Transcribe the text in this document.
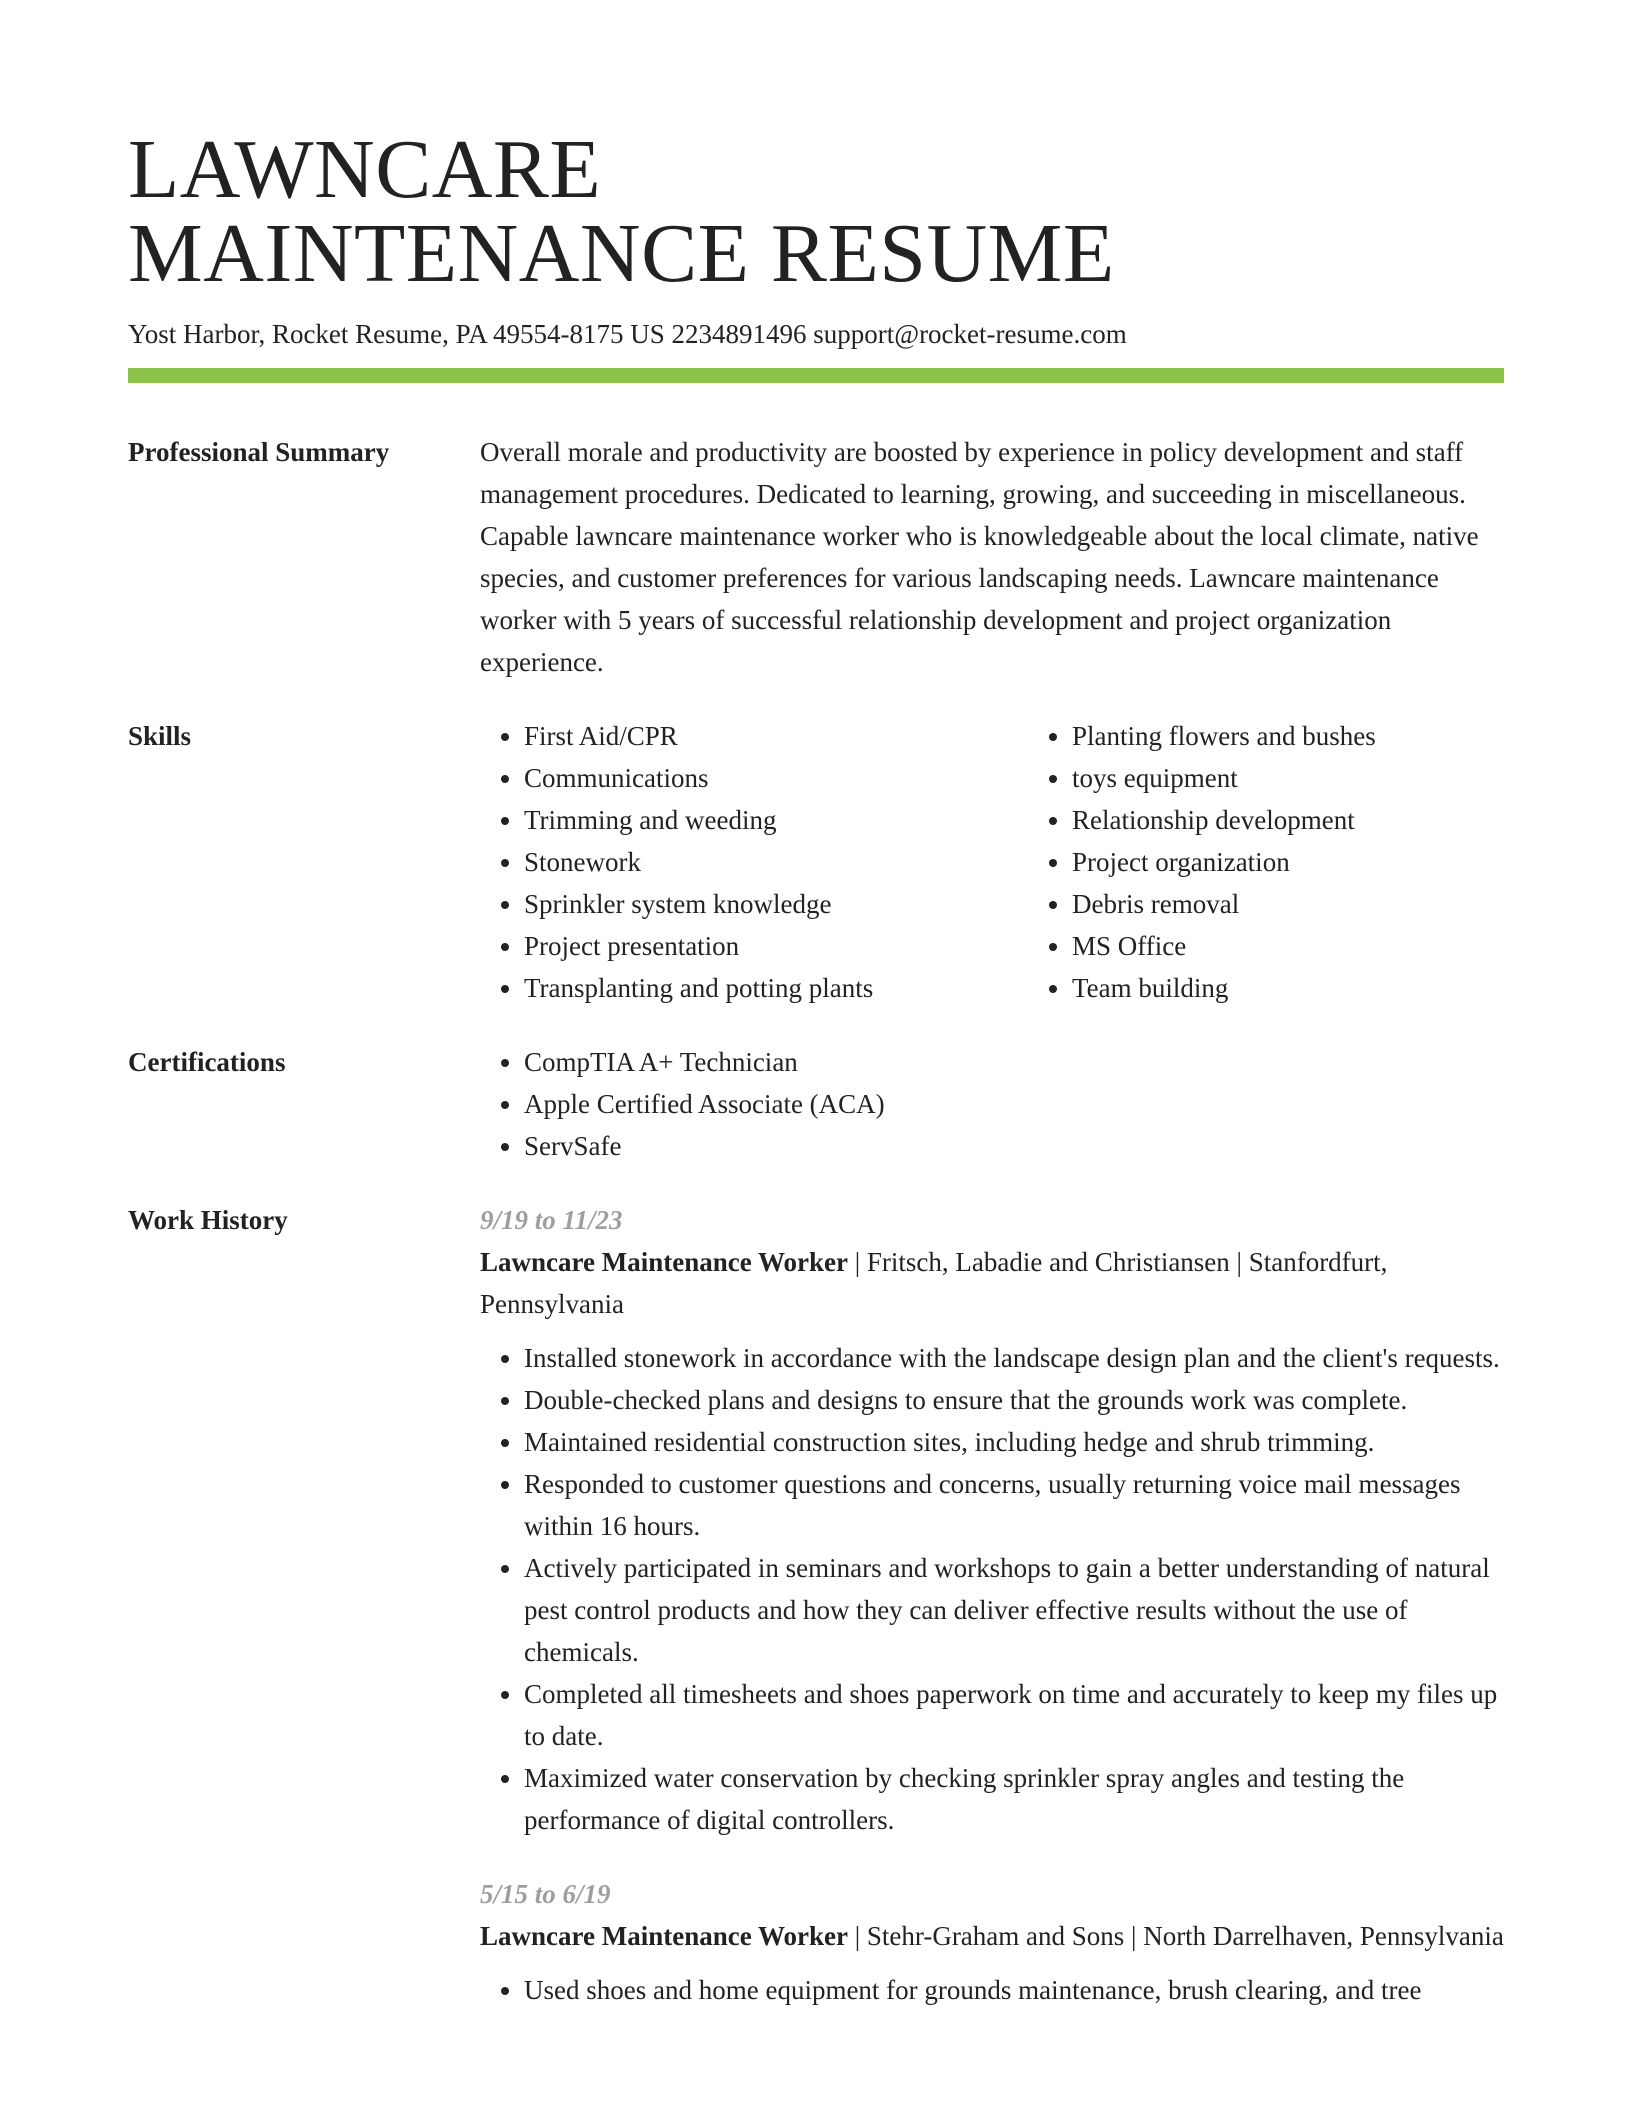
LAWNCARE
MAINTENANCE RESUME
Yost Harbor, Rocket Resume, PA 49554-8175 US 2234891496 support@rocket-resume.com
Professional Summary	Overall morale and productivity are boosted by experience in policy development and staff management procedures. Dedicated to learning, growing, and succeeding in miscellaneous. Capable lawncare maintenance worker who is knowledgeable about the local climate, native species, and customer preferences for various landscaping needs. Lawncare maintenance worker with 5 years of successful relationship development and project organization experience.

Skills	• First Aid/CPR
• Communications
• Trimming and weeding
• Stonework
• Sprinkler system knowledge
• Project presentation
• Transplanting and potting plants
• Planting flowers and bushes
• toys equipment
• Relationship development
• Project organization
• Debris removal
• MS Office
• Team building
Certifications	• CompTIA A+ Technician
• Apple Certified Associate (ACA)
• ServSafe
Work History	9/19 to 11/23
Lawncare Maintenance Worker | Fritsch, Labadie and Christiansen | Stanfordfurt, Pennsylvania
• Installed stonework in accordance with the landscape design plan and the client's requests.
• Double-checked plans and designs to ensure that the grounds work was complete.
• Maintained residential construction sites, including hedge and shrub trimming.
• Responded to customer questions and concerns, usually returning voice mail messages within 16 hours.
• Actively participated in seminars and workshops to gain a better understanding of natural pest control products and how they can deliver effective results without the use of chemicals.
• Completed all timesheets and shoes paperwork on time and accurately to keep my files up to date.
• Maximized water conservation by checking sprinkler spray angles and testing the performance of digital controllers.
5/15 to 6/19
Lawncare Maintenance Worker | Stehr-Graham and Sons | North Darrelhaven, Pennsylvania
• Used shoes and home equipment for grounds maintenance, brush clearing, and tree
